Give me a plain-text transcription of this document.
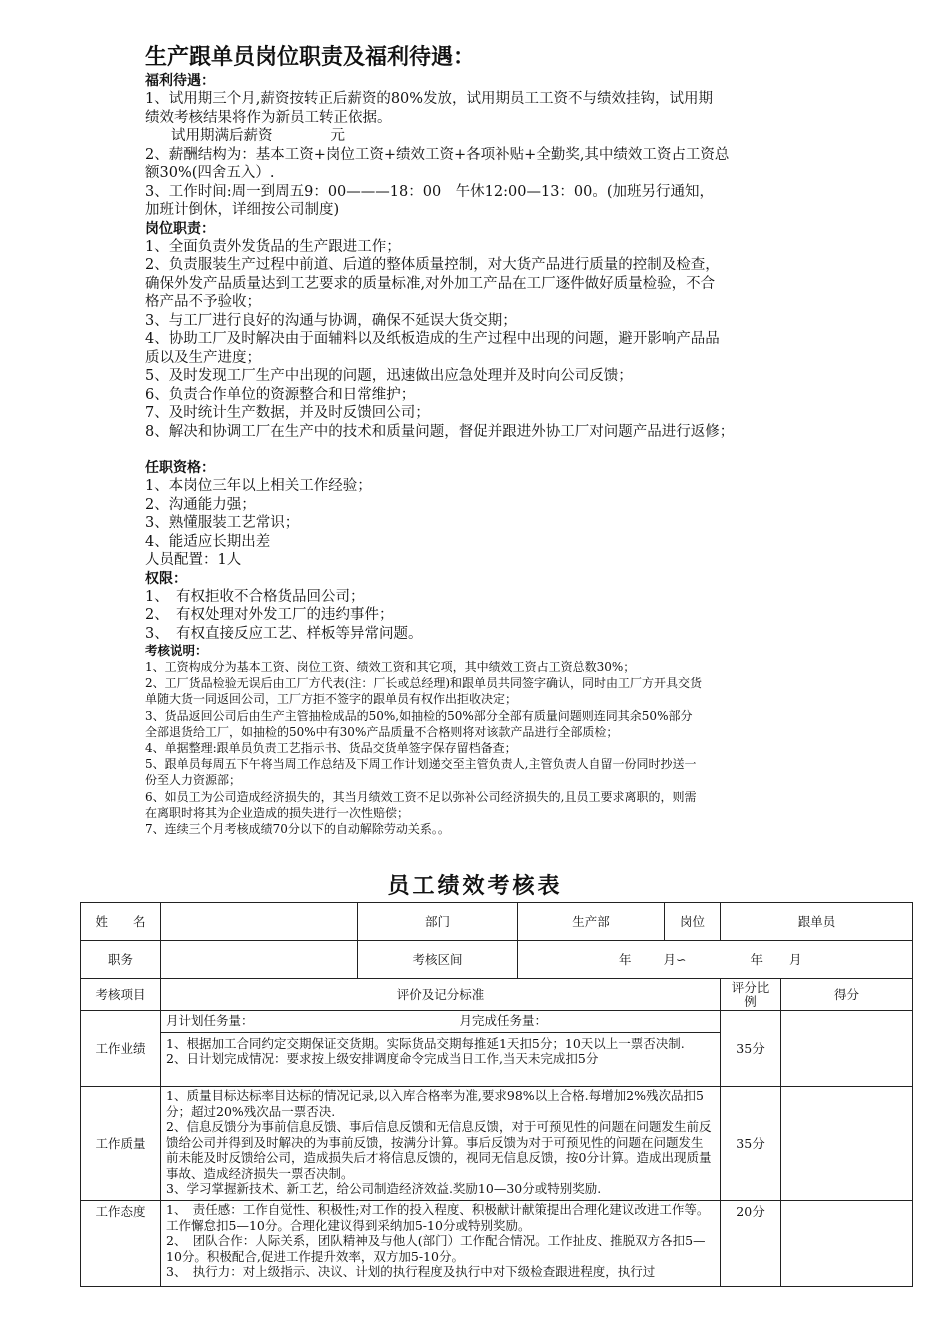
生产跟单员岗位职责及福利待遇：
福利待遇：
1、试用期三个月,薪资按转正后薪资的80%发放，试用期员工工资不与绩效挂钩，试用期
绩效考核结果将作为新员工转正依据。
试用期满后薪资　　　　元
2、薪酬结构为：基本工资+岗位工资+绩效工资+各项补贴+全勤奖,其中绩效工资占工资总
额30%(四舍五入）.
3、工作时间:周一到周五9：00———18：00　午休12:00—13：00。(加班另行通知，
加班计倒休，详细按公司制度)
岗位职责：
1、全面负责外发货品的生产跟进工作；
2、负责服装生产过程中前道、后道的整体质量控制，对大货产品进行质量的控制及检查，
确保外发产品质量达到工艺要求的质量标准,对外加工产品在工厂逐件做好质量检验，不合
格产品不予验收；
3、与工厂进行良好的沟通与协调，确保不延误大货交期；
4、协助工厂及时解决由于面辅料以及纸板造成的生产过程中出现的问题，避开影响产品品
质以及生产进度；
5、及时发现工厂生产中出现的问题，迅速做出应急处理并及时向公司反馈；
6、负责合作单位的资源整合和日常维护；
7、及时统计生产数据，并及时反馈回公司；
8、解决和协调工厂在生产中的技术和质量问题，督促并跟进外协工厂对问题产品进行返修；
任职资格：
1、本岗位三年以上相关工作经验；
2、沟通能力强；
3、熟懂服装工艺常识；
4、能适应长期出差
人员配置：1人
权限：
1、　有权拒收不合格货品回公司；
2、　有权处理对外发工厂的违约事件；
3、　有权直接反应工艺、样板等异常问题。
考核说明：
1、工资构成分为基本工资、岗位工资、绩效工资和其它项，其中绩效工资占工资总数30%；
2、工厂货品检验无误后由工厂方代表(注：厂长或总经理)和跟单员共同签字确认，同时由工厂方开具交货
单随大货一同返回公司，工厂方拒不签字的跟单员有权作出拒收决定；
3、货品返回公司后由生产主管抽检成品的50%,如抽检的50%部分全部有质量问题则连同其余50%部分
全部退货给工厂，如抽检的50%中有30%产品质量不合格则将对该款产品进行全部质检；
4、单据整理:跟单员负责工艺指示书、货品交货单签字保存留档备查；
5、跟单员每周五下午将当周工作总结及下周工作计划递交至主管负责人,主管负责人自留一份同时抄送一
份至人力资源部；
6、如员工为公司造成经济损失的，其当月绩效工资不足以弥补公司经济损失的,且员工要求离职的，则需
在离职时将其为企业造成的损失进行一次性赔偿；
7、连续三个月考核成绩70分以下的自动解除劳动关系。。
员工绩效考核表
姓　　名		部门	生产部	岗位	跟单员	
职务		考核区间	年 月∽ 年 月			
考核项目	评价及记分标准				评分比例	得分
工作业绩	月计划任务量： 月完成任务量：
1、根据加工合同约定交期保证交货期。实际货品交期每推延1天扣5分；10天以上一票否决制.
2、日计划完成情况：要求按上级安排调度命令完成当日工作,当天未完成扣5分				35分	
工作质量	1、质量目标达标率目达标的情况记录,以入库合格率为准,要求98%以上合格.每增加2%残次品扣5分；超过20%残次品一票否决.
2、信息反馈分为事前信息反馈、事后信息反馈和无信息反馈，对于可预见性的问题在问题发生前反馈给公司并得到及时解决的为事前反馈，按满分计算。事后反馈为对于可预见性的问题在问题发生前未能及时反馈给公司，造成损失后才将信息反馈的，视同无信息反馈，按0分计算。造成出现质量事故、造成经济损失一票否决制。
3、学习掌握新技术、新工艺，给公司制造经济效益.奖励10—30分或特别奖励.				35分	
工作态度	1、　责任感：工作自觉性、积极性;对工作的投入程度、积极献计献策提出合理化建议改进工作等。工作懈怠扣5—10分。合理化建议得到采纳加5-10分或特别奖励。
2、　团队合作：人际关系，团队精神及与他人(部门）工作配合情况。工作扯皮、推脱双方各扣5—10分。积极配合,促进工作提升效率，双方加5-10分。
3、　执行力：对上级指示、决议、计划的执行程度及执行中对下级检查跟进程度，执行过				20分	
